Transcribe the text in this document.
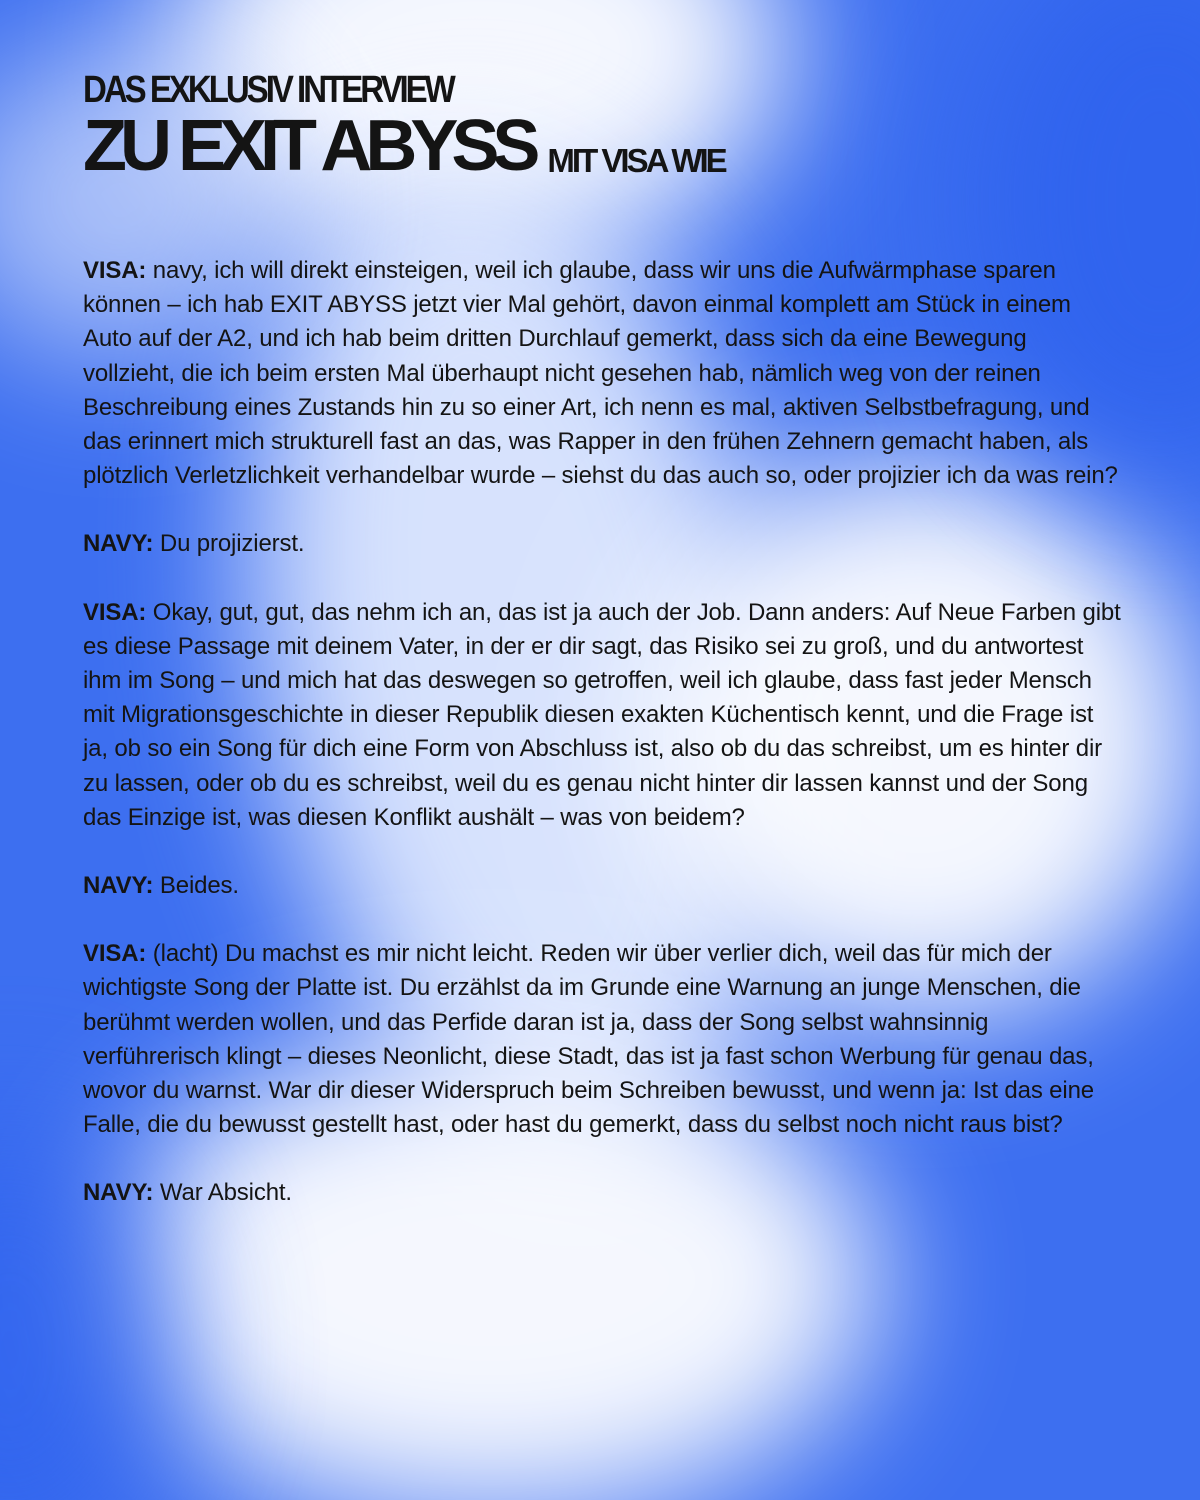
DAS EXKLUSIV INTERVIEW
ZU EXIT ABYSS MIT VISA WIE

VISA: navy, ich will direkt einsteigen, weil ich glaube, dass wir uns die Aufwärmphase sparen können – ich hab EXIT ABYSS jetzt vier Mal gehört, davon einmal komplett am Stück in einem Auto auf der A2, und ich hab beim dritten Durchlauf gemerkt, dass sich da eine Bewegung vollzieht, die ich beim ersten Mal überhaupt nicht gesehen hab, nämlich weg von der reinen Beschreibung eines Zustands hin zu so einer Art, ich nenn es mal, aktiven Selbstbefragung, und das erinnert mich strukturell fast an das, was Rapper in den frühen Zehnern gemacht haben, als plötzlich Verletzlichkeit verhandelbar wurde – siehst du das auch so, oder projizier ich da was rein?

NAVY: Du projizierst.

VISA: Okay, gut, gut, das nehm ich an, das ist ja auch der Job. Dann anders: Auf Neue Farben gibt es diese Passage mit deinem Vater, in der er dir sagt, das Risiko sei zu groß, und du antwortest ihm im Song – und mich hat das deswegen so getroffen, weil ich glaube, dass fast jeder Mensch mit Migrationsgeschichte in dieser Republik diesen exakten Küchentisch kennt, und die Frage ist ja, ob so ein Song für dich eine Form von Abschluss ist, also ob du das schreibst, um es hinter dir zu lassen, oder ob du es schreibst, weil du es genau nicht hinter dir lassen kannst und der Song das Einzige ist, was diesen Konflikt aushält – was von beidem?

NAVY: Beides.

VISA: (lacht) Du machst es mir nicht leicht. Reden wir über verlier dich, weil das für mich der wichtigste Song der Platte ist. Du erzählst da im Grunde eine Warnung an junge Menschen, die berühmt werden wollen, und das Perfide daran ist ja, dass der Song selbst wahnsinnig verführerisch klingt – dieses Neonlicht, diese Stadt, das ist ja fast schon Werbung für genau das, wovor du warnst. War dir dieser Widerspruch beim Schreiben bewusst, und wenn ja: Ist das eine Falle, die du bewusst gestellt hast, oder hast du gemerkt, dass du selbst noch nicht raus bist?

NAVY: War Absicht.
